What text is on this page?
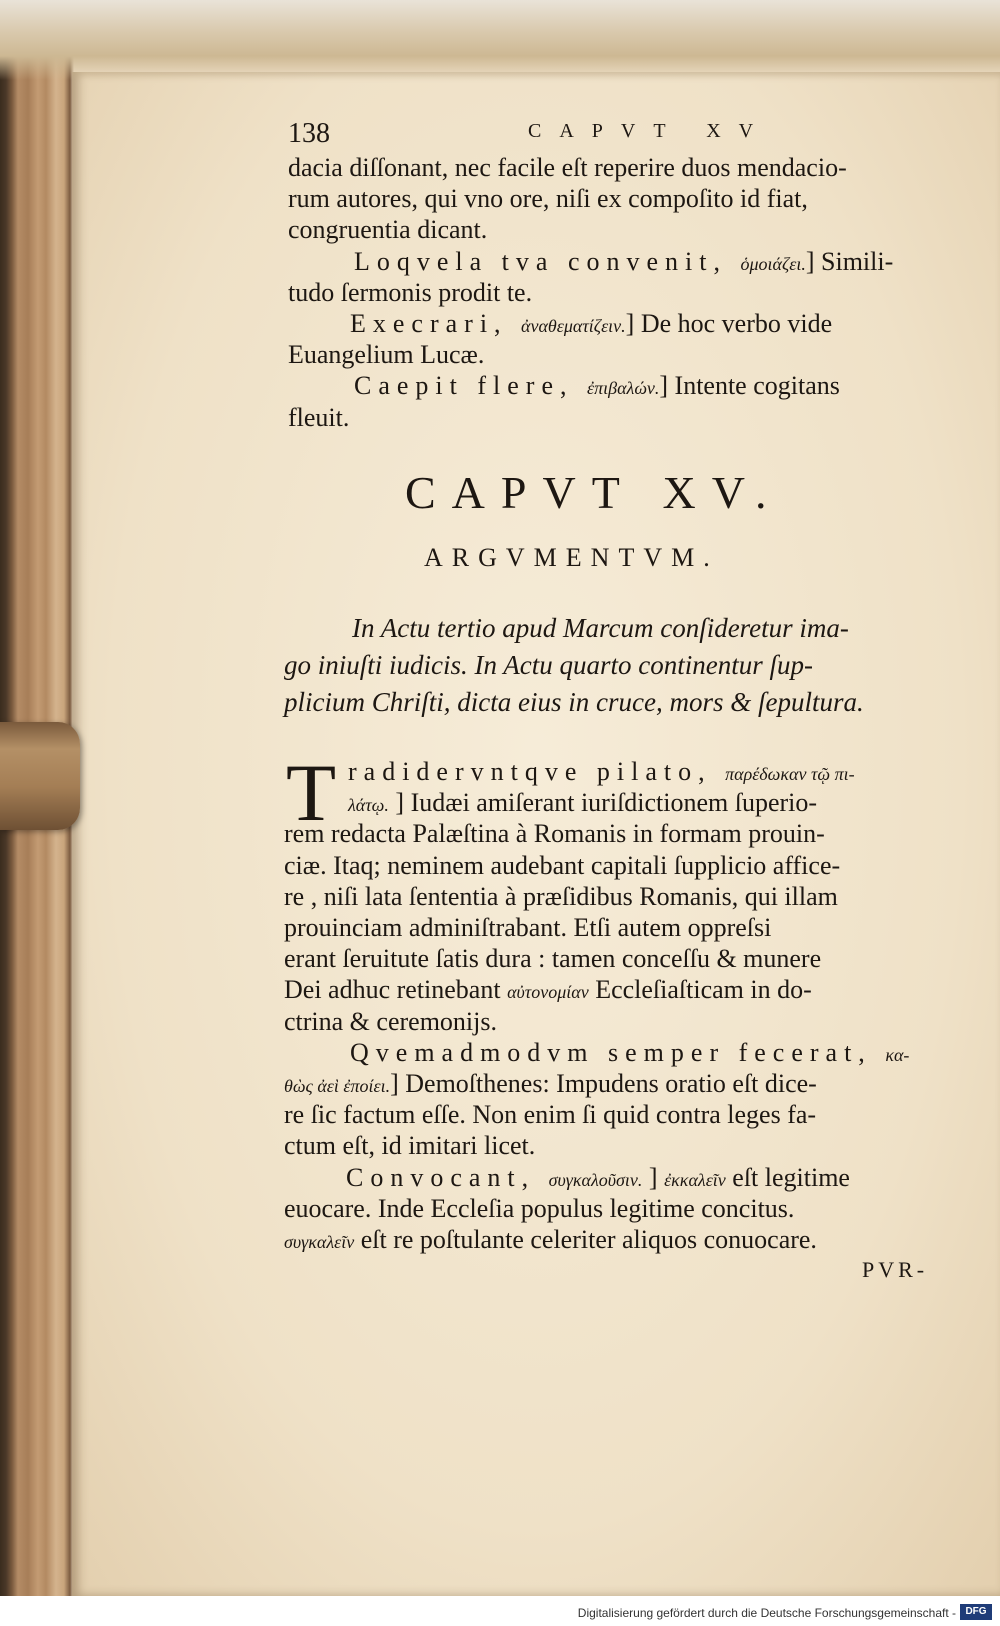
138	CAPVT XV
dacia diſſonant, nec facile eſt reperire duos mendacio-
rum autores, qui vno ore, niſi ex compoſito id fiat,
congruentia dicant.
Loqvela tva convenit, ὁμοιάζει.] Simili-
tudo ſermonis prodit te.
Execrari, ἀναθεματίζειν.] De hoc verbo vide
Euangelium Lucæ.
Caepit flere, ἐπιβαλών.] Intente cogitans
fleuit.
CAPVT XV.
ARGVMENTVM.
In Actu tertio apud Marcum conſideretur ima-
go iniuſti iudicis. In Actu quarto continentur ſup-
plicium Chriſti, dicta eius in cruce, mors & ſepultura.
T radidervntqve pilato, παρέδωκαν τῷ πι-
λάτῳ. ] Iudæi amiſerant iuriſdictionem ſuperio-
rem redacta Palæſtina à Romanis in formam prouin-
ciæ. Itaq; neminem audebant capitali ſupplicio affice-
re , niſi lata ſententia à præſidibus Romanis, qui illam
prouinciam adminiſtrabant. Etſi autem oppreſsi
erant ſeruitute ſatis dura : tamen conceſſu & munere
Dei adhuc retinebant αὐτονομίαν Eccleſiaſticam in do-
ctrina & ceremonijs.
Qvemadmodvm semper fecerat, κα-
θὼς ἀεὶ ἐποίει.] Demoſthenes: Impudens oratio eſt dice-
re ſic factum eſſe. Non enim ſi quid contra leges fa-
ctum eſt, id imitari licet.
Convocant, συγκαλοῦσιν. ] ἐκκαλεῖν eſt legitime
euocare. Inde Eccleſia populus legitime concitus.
συγκαλεῖν eſt re poſtulante celeriter aliquos conuocare.
PVR-
Digitalisierung gefördert durch die Deutsche Forschungsgemeinschaft - DFG
